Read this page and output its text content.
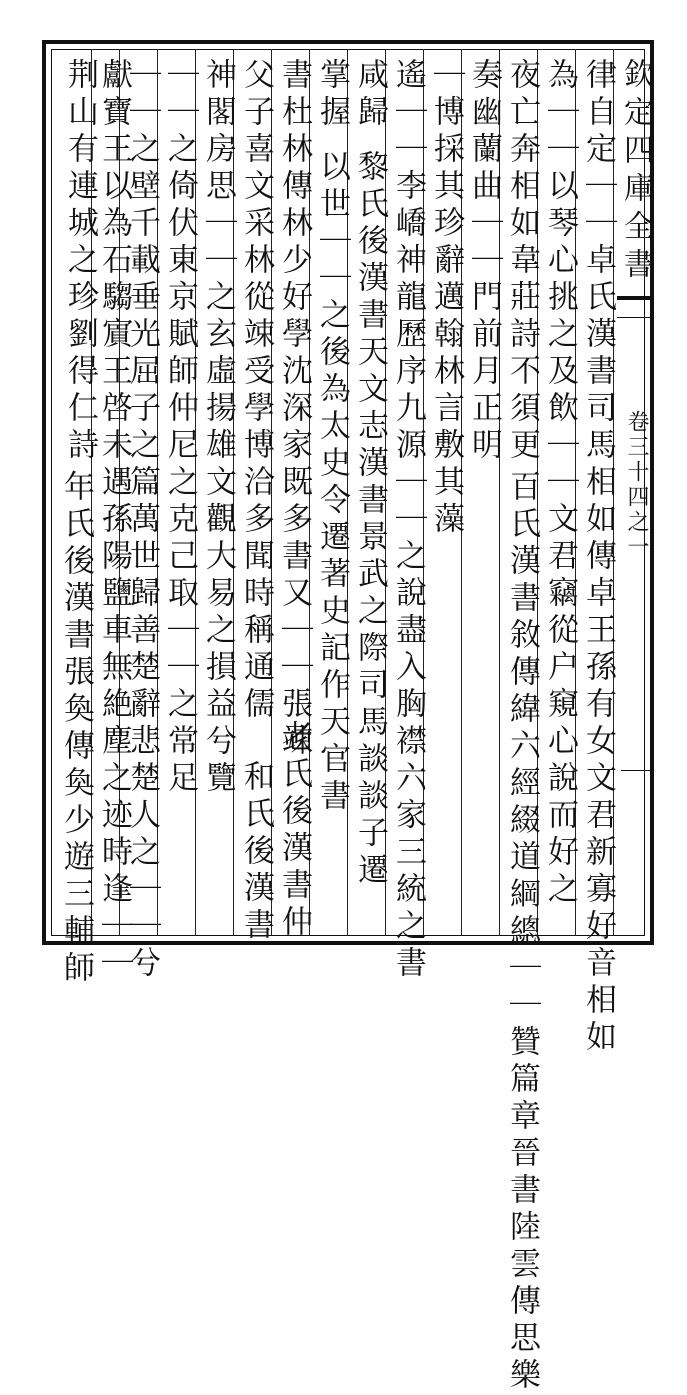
欽定四庫全書
卷三十四之一
律自定｜｜卓氏漢書司馬相如傳卓王孫有女文君新寡好音相如
為｜｜以琴心挑之及飲｜｜文君竊從户窺心說而好之
夜亡奔相如韋莊詩不須更
百氏漢書敘傳緯六經綴道綱總｜｜贊篇章晉書陸雲傳思樂
奏幽蘭曲｜｜門前月正明
｜博採其珍辭邁翰林言敷其藻
遙｜｜李嶠神龍歷序九源｜｜之說盡入胸襟六家三統之書
咸歸
黎氏後漢書天文志漢書景武之際司馬談談子遷
掌握
以世｜｜之後為太史令遷著史記作天官書
書杜林傳林少好學沈深家既多書又｜｜張竦
父子喜文采林從竦受學博洽多聞時稱通儒
老氏後漢書仲
神閣房思｜｜之玄虛揚雄文觀大易之損益兮覽
｜｜之倚伏東京賦師仲尼之克己取｜｜之常足
和氏後漢書
｜｜之壁千載垂光屈子之篇萬世歸善楚辭悲楚人之｜｜兮
獻寶王以為石騶賔王啓未遇孫陽鹽車無絶塵之迹時逢｜｜
荆山有連城之珍劉得仁詩
年氏後漢書張奐傳奐少遊三輔師
